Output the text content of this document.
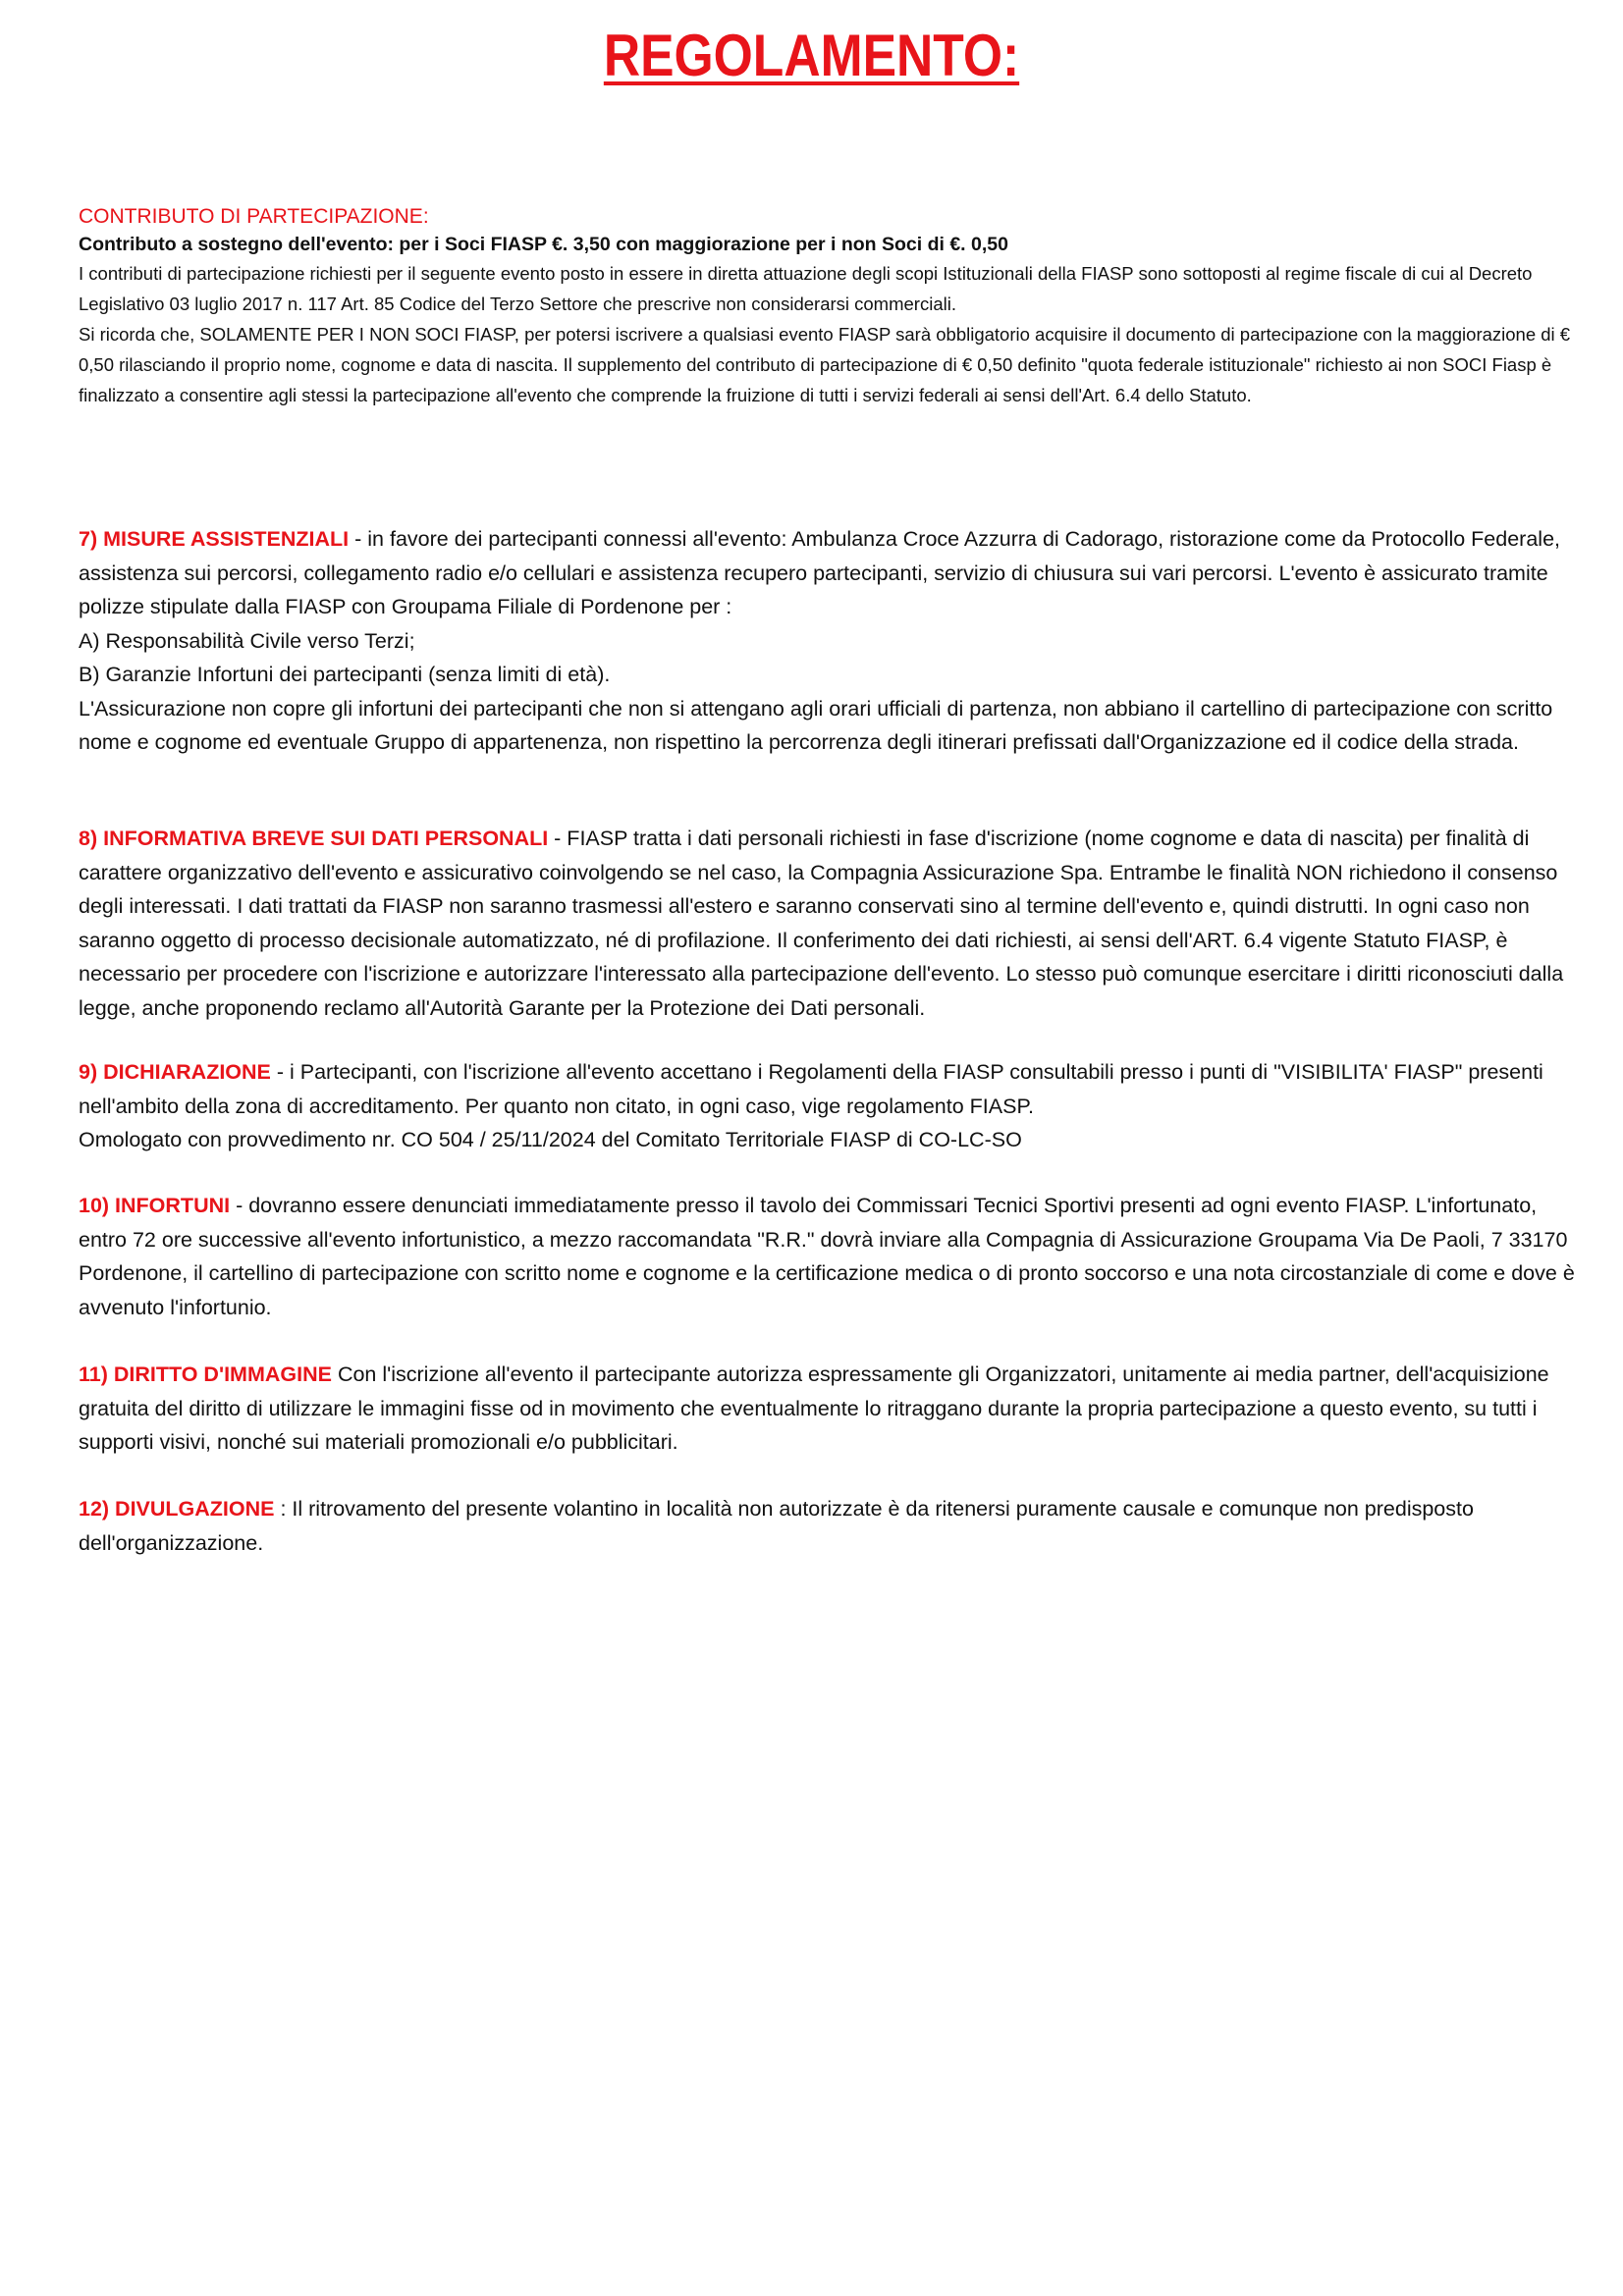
REGOLAMENTO:

CONTRIBUTO DI PARTECIPAZIONE:

Contributo a sostegno dell'evento: per i Soci FIASP €. 3,50 con maggiorazione per i non Soci di €. 0,50

I contributi di partecipazione richiesti per il seguente evento posto in essere in diretta attuazione degli scopi Istituzionali della FIASP sono sottoposti al regime fiscale di cui al Decreto Legislativo 03 luglio 2017 n. 117 Art. 85 Codice del Terzo Settore che prescrive non considerarsi commerciali.

Si ricorda che, SOLAMENTE PER I NON SOCI FIASP, per potersi iscrivere a qualsiasi evento FIASP sarà obbligatorio acquisire il documento di partecipazione con la maggiorazione di € 0,50 rilasciando il proprio nome, cognome e data di nascita. Il supplemento del contributo di partecipazione di € 0,50 definito "quota federale istituzionale" richiesto ai non SOCI Fiasp è finalizzato a consentire agli stessi la partecipazione all'evento che comprende la fruizione di tutti i servizi federali ai sensi dell'Art. 6.4 dello Statuto.

7) MISURE ASSISTENZIALI - in favore dei partecipanti connessi all'evento: Ambulanza Croce Azzurra di Cadorago, ristorazione come da Protocollo Federale, assistenza sui percorsi, collegamento radio e/o cellulari e assistenza recupero partecipanti, servizio di chiusura sui vari percorsi. L'evento è assicurato tramite polizze stipulate dalla FIASP con Groupama Filiale di Pordenone per :

A) Responsabilità Civile verso Terzi;

B) Garanzie Infortuni dei partecipanti (senza limiti di età).

L'Assicurazione non copre gli infortuni dei partecipanti che non si attengano agli orari ufficiali di partenza, non abbiano il cartellino di partecipazione con scritto nome e cognome ed eventuale Gruppo di appartenenza, non rispettino la percorrenza degli itinerari prefissati dall'Organizzazione ed il codice della strada.

8) INFORMATIVA BREVE SUI DATI PERSONALI - FIASP tratta i dati personali richiesti in fase d'iscrizione (nome cognome e data di nascita) per finalità di carattere organizzativo dell'evento e assicurativo coinvolgendo se nel caso, la Compagnia Assicurazione Spa. Entrambe le finalità NON richiedono il consenso degli interessati. I dati trattati da FIASP non saranno trasmessi all'estero e saranno conservati sino al termine dell'evento e, quindi distrutti. In ogni caso non saranno oggetto di processo decisionale automatizzato, né di profilazione. Il conferimento dei dati richiesti, ai sensi dell'ART. 6.4 vigente Statuto FIASP, è necessario per procedere con l'iscrizione e autorizzare l'interessato alla partecipazione dell'evento. Lo stesso può comunque esercitare i diritti riconosciuti dalla legge, anche proponendo reclamo all'Autorità Garante per la Protezione dei Dati personali.

9) DICHIARAZIONE - i Partecipanti, con l'iscrizione all'evento accettano i Regolamenti della FIASP consultabili presso i punti di "VISIBILITA' FIASP" presenti nell'ambito della zona di accreditamento. Per quanto non citato, in ogni caso, vige regolamento FIASP.

Omologato con provvedimento nr. CO 504 / 25/11/2024 del Comitato Territoriale FIASP di CO-LC-SO

10) INFORTUNI - dovranno essere denunciati immediatamente presso il tavolo dei Commissari Tecnici Sportivi presenti ad ogni evento FIASP. L'infortunato, entro 72 ore successive all'evento infortunistico, a mezzo raccomandata "R.R." dovrà inviare alla Compagnia di Assicurazione Groupama Via De Paoli, 7 33170 Pordenone, il cartellino di partecipazione con scritto nome e cognome e la certificazione medica o di pronto soccorso e una nota circostanziale di come e dove è avvenuto l'infortunio.

11) DIRITTO D'IMMAGINE Con l'iscrizione all'evento il partecipante autorizza espressamente gli Organizzatori, unitamente ai media partner, dell'acquisizione gratuita del diritto di utilizzare le immagini fisse od in movimento che eventualmente lo ritraggano durante la propria partecipazione a questo evento, su tutti i supporti visivi, nonché sui materiali promozionali e/o pubblicitari.

12) DIVULGAZIONE : Il ritrovamento del presente volantino in località non autorizzate è da ritenersi puramente causale e comunque non predisposto dell'organizzazione.
